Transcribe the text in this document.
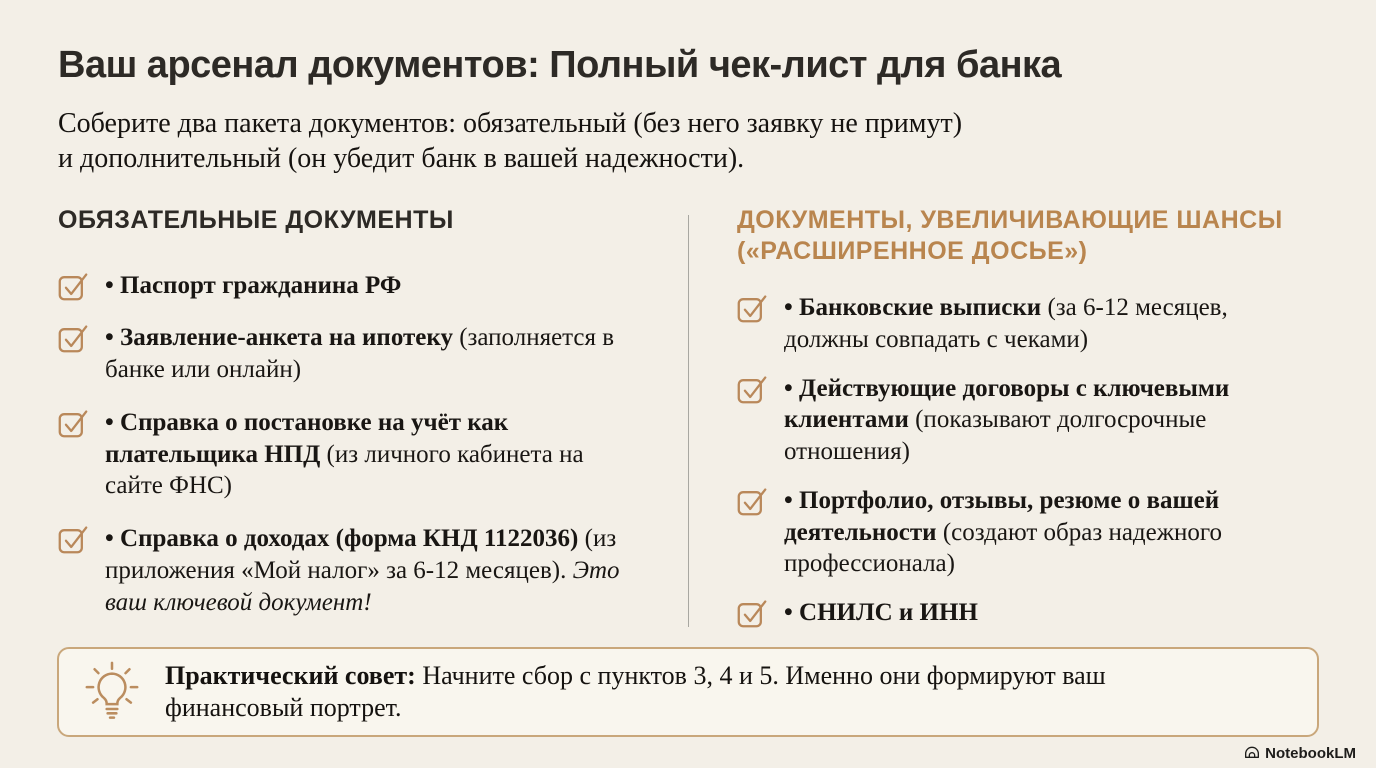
Ваш арсенал документов: Полный чек-лист для банка
Соберите два пакета документов: обязательный (без него заявку не примут)
и дополнительный (он убедит банк в вашей надежности).
ОБЯЗАТЕЛЬНЫЕ ДОКУМЕНТЫ

• Паспорт гражданина РФ

• Заявление-анкета на ипотеку (заполняется в банке или онлайн)

• Справка о постановке на учёт как плательщика НПД (из личного кабинета на сайте ФНС)

• Справка о доходах (форма КНД 1122036) (из приложения «Мой налог» за 6-12 месяцев). Это ваш ключевой документ!

ДОКУМЕНТЫ, УВЕЛИЧИВАЮЩИЕ ШАНСЫ («РАСШИРЕННОЕ ДОСЬЕ»)

• Банковские выписки (за 6-12 месяцев, должны совпадать с чеками)

• Действующие договоры с ключевыми клиентами (показывают долгосрочные отношения)

• Портфолио, отзывы, резюме о вашей деятельности (создают образ надежного профессионала)

• СНИЛС и ИНН

Практический совет: Начните сбор с пунктов 3, 4 и 5. Именно они формируют ваш финансовый портрет.

NotebookLM
